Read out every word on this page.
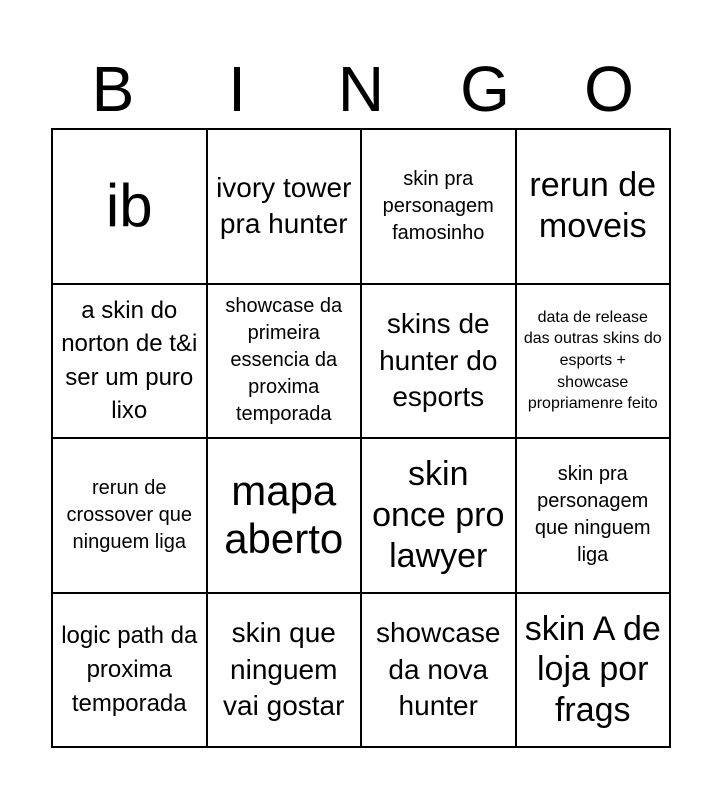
B	I	N	G	O
ib ivory tower pra hunter
skin pra personagem famosinho
rerun de moveis
a skin do norton de t&i ser um puro lixo
showcase da primeira essencia da proxima temporada
skins de hunter do esports
data de release das outras skins do esports + showcase propriamenre feito
rerun de crossover que ninguem liga
mapa aberto
skin once pro lawyer
skin pra personagem que ninguem liga
logic path da proxima temporada
skin que ninguem vai gostar
showcase da nova hunter
skin A de loja por frags
